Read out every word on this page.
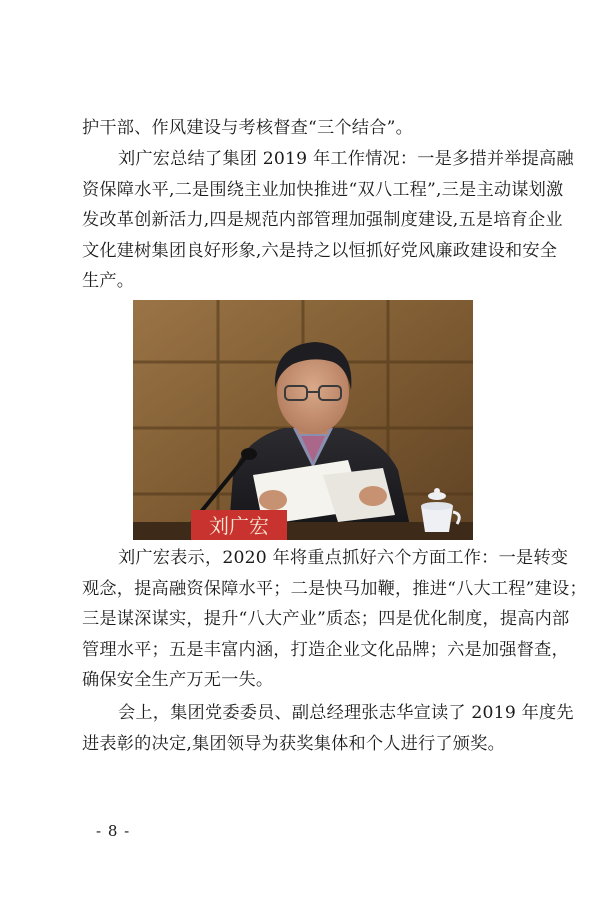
护干部、作风建设与考核督查“三个结合”。
刘广宏总结了集团 2019 年工作情况：一是多措并举提高融
资保障水平,二是围绕主业加快推进“双八工程”,三是主动谋划激
发改革创新活力,四是规范内部管理加强制度建设,五是培育企业
文化建树集团良好形象,六是持之以恒抓好党风廉政建设和安全
生产。
刘广宏
刘广宏表示，2020 年将重点抓好六个方面工作：一是转变
观念，提高融资保障水平；二是快马加鞭，推进“八大工程”建设；
三是谋深谋实，提升“八大产业”质态；四是优化制度，提高内部
管理水平；五是丰富内涵，打造企业文化品牌；六是加强督查，
确保安全生产万无一失。
会上，集团党委委员、副总经理张志华宣读了 2019 年度先
进表彰的决定,集团领导为获奖集体和个人进行了颁奖。
- 8 -
